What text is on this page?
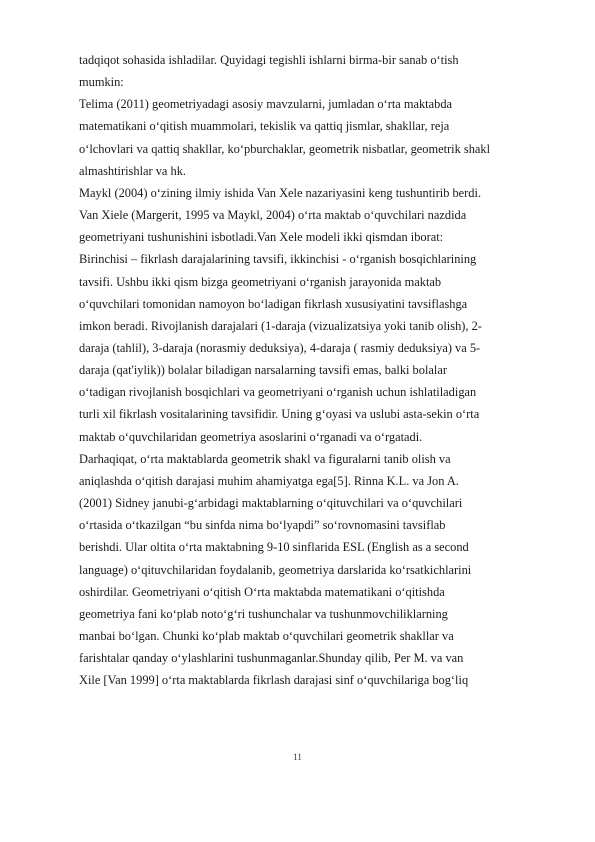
tadqiqot sohasida ishladilar. Quyidagi tegishli ishlarni birma-bir sanab o‘tish
mumkin:
Telima (2011) geometriyadagi asosiy mavzularni, jumladan o‘rta maktabda
matematikani o‘qitish muammolari, tekislik va qattiq jismlar, shakllar, reja
o‘lchovlari va qattiq shakllar, ko‘pburchaklar, geometrik nisbatlar, geometrik shakl
almashtirishlar va hk.
Maykl (2004) o‘zining ilmiy ishida Van Xele nazariyasini keng tushuntirib berdi.
Van Xiele (Margerit, 1995 va Maykl, 2004) o‘rta maktab o‘quvchilari nazdida
geometriyani tushunishini isbotladi.Van Xele modeli ikki qismdan iborat:
Birinchisi – fikrlash darajalarining tavsifi, ikkinchisi - o‘rganish bosqichlarining
tavsifi. Ushbu ikki qism bizga geometriyani o‘rganish jarayonida maktab
o‘quvchilari tomonidan namoyon bo‘ladigan fikrlash xususiyatini tavsiflashga
imkon beradi. Rivojlanish darajalari (1-daraja (vizualizatsiya yoki tanib olish), 2-
daraja (tahlil), 3-daraja (norasmiy deduksiya), 4-daraja ( rasmiy deduksiya) va 5-
daraja (qat'iylik)) bolalar biladigan narsalarning tavsifi emas, balki bolalar
o‘tadigan rivojlanish bosqichlari va geometriyani o‘rganish uchun ishlatiladigan
turli xil fikrlash vositalarining tavsifidir. Uning g‘oyasi va uslubi asta-sekin o‘rta
maktab o‘quvchilaridan geometriya asoslarini o‘rganadi va o‘rgatadi.
Darhaqiqat, o‘rta maktablarda geometrik shakl va figuralarni tanib olish va
aniqlashda o‘qitish darajasi muhim ahamiyatga ega[5]. Rinna K.L. va Jon A.
(2001) Sidney janubi-g‘arbidagi maktablarning o‘qituvchilari va o‘quvchilari
o‘rtasida o‘tkazilgan “bu sinfda nima bo‘lyapdi” so‘rovnomasini tavsiflab
berishdi. Ular oltita o‘rta maktabning 9-10 sinflarida ESL (English as a second
language) o‘qituvchilaridan foydalanib, geometriya darslarida ko‘rsatkichlarini
oshirdilar. Geometriyani o‘qitish O‘rta maktabda matematikani o‘qitishda
geometriya fani ko‘plab noto‘g‘ri tushunchalar va tushunmovchiliklarning
manbai bo‘lgan. Chunki ko‘plab maktab o‘quvchilari geometrik shakllar va
farishtalar qanday o‘ylashlarini tushunmaganlar.Shunday qilib, Per M. va van
Xile [Van 1999] o‘rta maktablarda fikrlash darajasi sinf o‘quvchilariga bog‘liq
11
